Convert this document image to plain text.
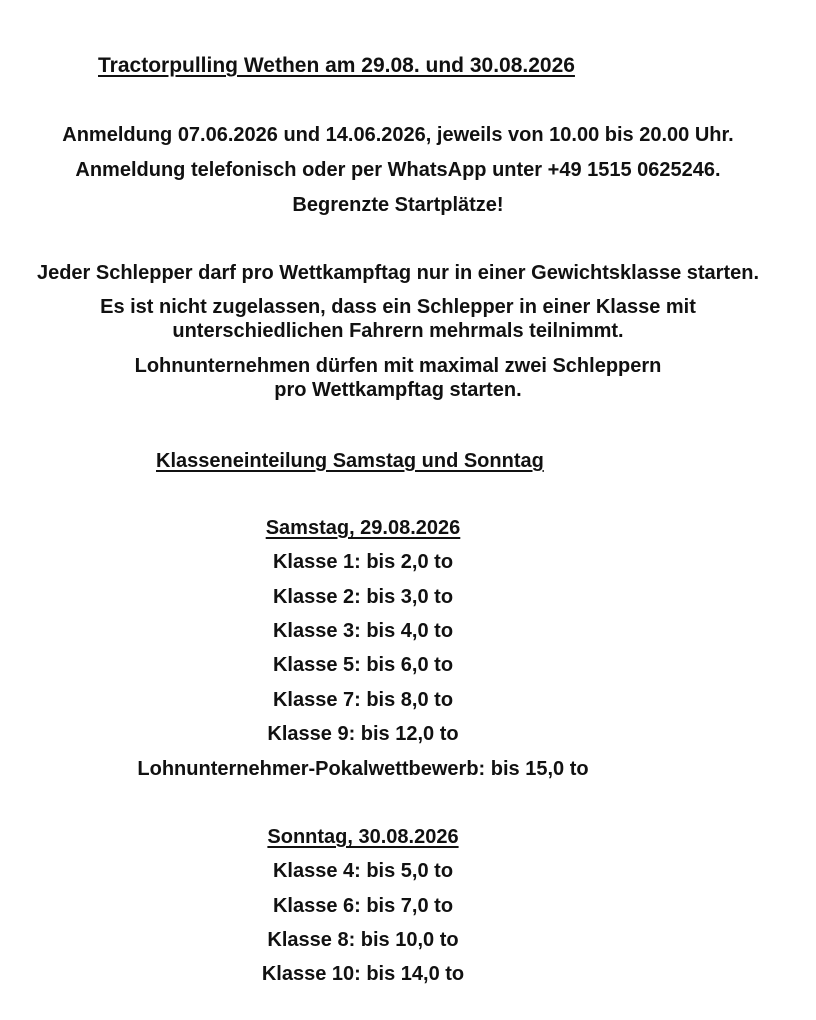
Tractorpulling Wethen am 29.08. und 30.08.2026
Anmeldung 07.06.2026 und 14.06.2026, jeweils von 10.00 bis 20.00 Uhr.
Anmeldung telefonisch oder per WhatsApp unter +49 1515 0625246.
Begrenzte Startplätze!
Jeder Schlepper darf pro Wettkampftag nur in einer Gewichtsklasse starten.
Es ist nicht zugelassen, dass ein Schlepper in einer Klasse mit
unterschiedlichen Fahrern mehrmals teilnimmt.
Lohnunternehmen dürfen mit maximal zwei Schleppern
pro Wettkampftag starten.
Klasseneinteilung Samstag und Sonntag
Samstag, 29.08.2026
Klasse 1: bis 2,0 to
Klasse 2: bis 3,0 to
Klasse 3: bis 4,0 to
Klasse 5: bis 6,0 to
Klasse 7: bis 8,0 to
Klasse 9: bis 12,0 to
Lohnunternehmer-Pokalwettbewerb: bis 15,0 to
Sonntag, 30.08.2026
Klasse 4: bis 5,0 to
Klasse 6: bis 7,0 to
Klasse 8: bis 10,0 to
Klasse 10: bis 14,0 to
